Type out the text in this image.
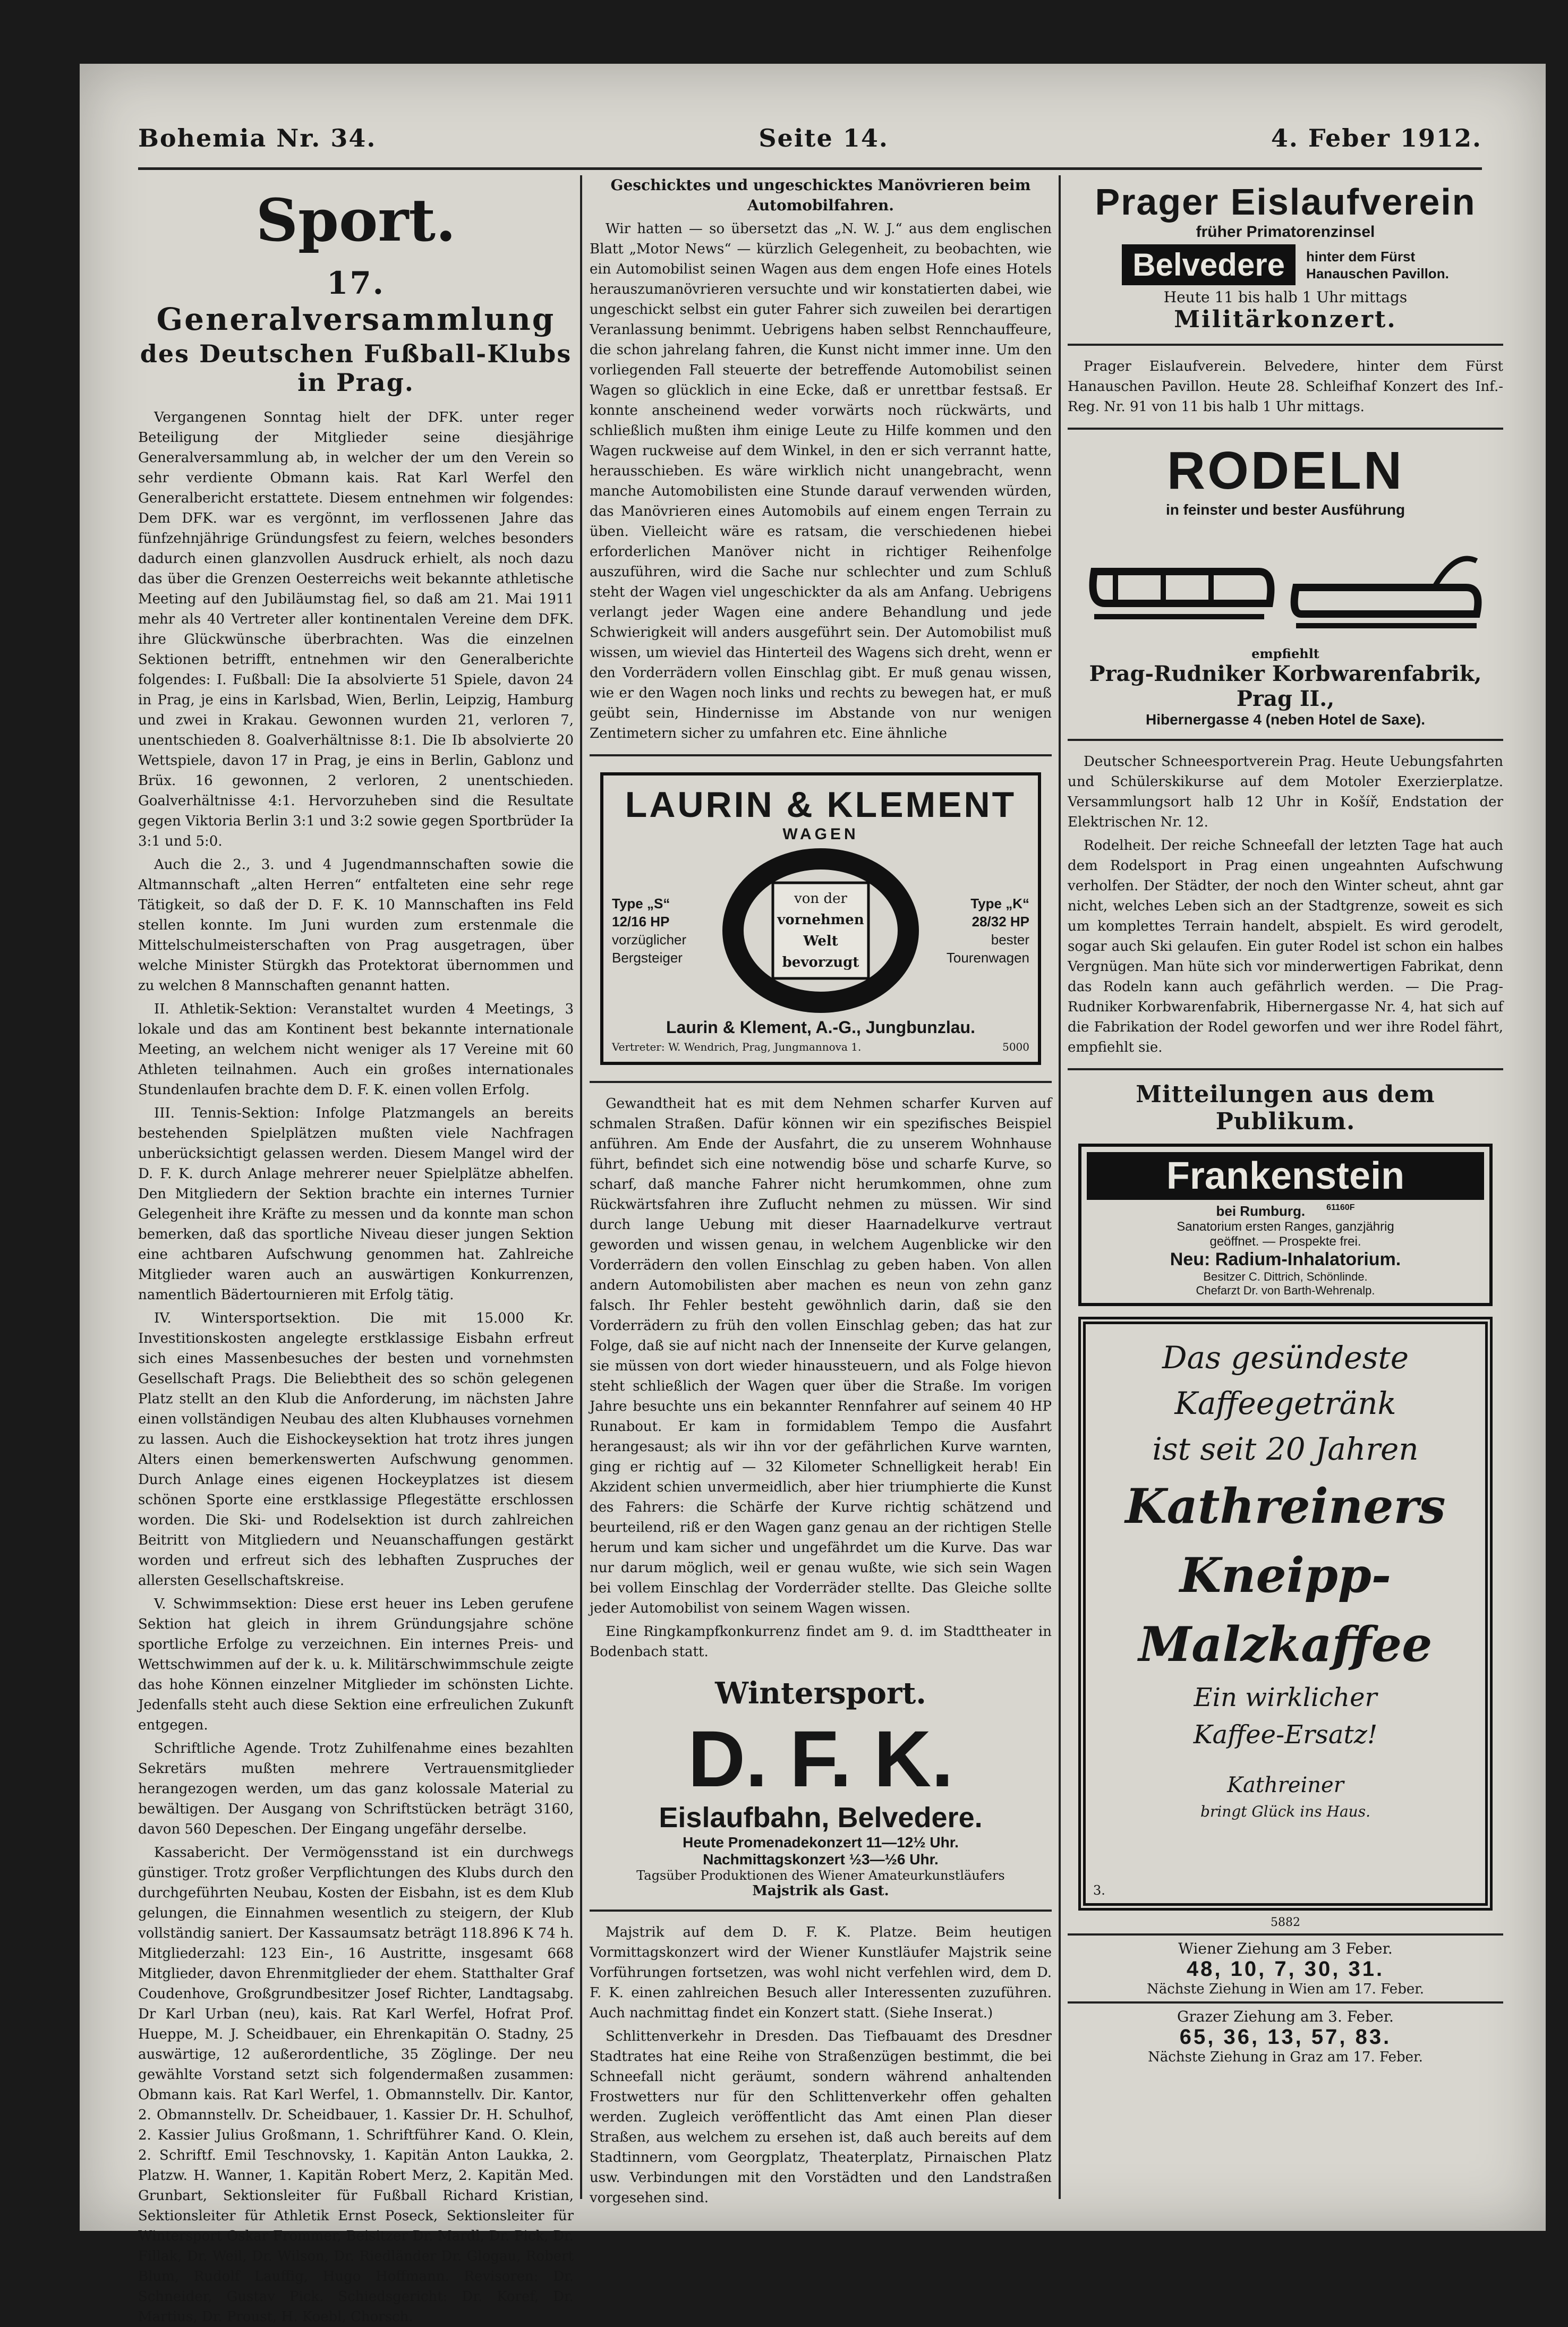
Bohemia Nr. 34.	Seite 14.	4. Feber 1912.
Sport.
17. Generalversammlung
des Deutschen Fußball-Klubs in Prag.

Vergangenen Sonntag hielt der DFK. unter reger Beteiligung der Mitglieder seine diesjährige Generalversammlung ab, in welcher der um den Verein so sehr verdiente Obmann kais. Rat Karl Werfel den Generalbericht erstattete. Diesem entnehmen wir folgendes: Dem DFK. war es vergönnt, im verflossenen Jahre das fünfzehnjährige Gründungsfest zu feiern, welches besonders dadurch einen glanzvollen Ausdruck erhielt, als noch dazu das über die Grenzen Oesterreichs weit bekannte athletische Meeting auf den Jubiläumstag fiel, so daß am 21. Mai 1911 mehr als 40 Vertreter aller kontinentalen Vereine dem DFK. ihre Glückwünsche überbrachten. Was die einzelnen Sektionen betrifft, entnehmen wir den Generalberichte folgendes: I. Fußball: Die Ia absolvierte 51 Spiele, davon 24 in Prag, je eins in Karlsbad, Wien, Berlin, Leipzig, Hamburg und zwei in Krakau. Gewonnen wurden 21, verloren 7, unentschieden 8. Goalverhältnisse 8:1. Die Ib absolvierte 20 Wettspiele, davon 17 in Prag, je eins in Berlin, Gablonz und Brüx. 16 gewonnen, 2 verloren, 2 unentschieden. Goalverhältnisse 4:1. Hervorzuheben sind die Resultate gegen Viktoria Berlin 3:1 und 3:2 sowie gegen Sportbrüder Ia 3:1 und 5:0.

Auch die 2., 3. und 4 Jugendmannschaften sowie die Altmannschaft „alten Herren“ entfalteten eine sehr rege Tätigkeit, so daß der D. F. K. 10 Mannschaften ins Feld stellen konnte. Im Juni wurden zum erstenmale die Mittelschulmeisterschaften von Prag ausgetragen, über welche Minister Stürgkh das Protektorat übernommen und zu welchen 8 Mannschaften genannt hatten.

II. Athletik-Sektion: Veranstaltet wurden 4 Meetings, 3 lokale und das am Kontinent best bekannte internationale Meeting, an welchem nicht weniger als 17 Vereine mit 60 Athleten teilnahmen. Auch ein großes internationales Stundenlaufen brachte dem D. F. K. einen vollen Erfolg.

III. Tennis-Sektion: Infolge Platzmangels an bereits bestehenden Spielplätzen mußten viele Nachfragen unberücksichtigt gelassen werden. Diesem Mangel wird der D. F. K. durch Anlage mehrerer neuer Spielplätze abhelfen. Den Mitgliedern der Sektion brachte ein internes Turnier Gelegenheit ihre Kräfte zu messen und da konnte man schon bemerken, daß das sportliche Niveau dieser jungen Sektion eine achtbaren Aufschwung genommen hat. Zahlreiche Mitglieder waren auch an auswärtigen Konkurrenzen, namentlich Bädertournieren mit Erfolg tätig.

IV. Wintersportsektion. Die mit 15.000 Kr. Investitionskosten angelegte erstklassige Eisbahn erfreut sich eines Massenbesuches der besten und vornehmsten Gesellschaft Prags. Die Beliebtheit des so schön gelegenen Platz stellt an den Klub die Anforderung, im nächsten Jahre einen vollständigen Neubau des alten Klubhauses vornehmen zu lassen. Auch die Eishockeysektion hat trotz ihres jungen Alters einen bemerkenswerten Aufschwung genommen. Durch Anlage eines eigenen Hockeyplatzes ist diesem schönen Sporte eine erstklassige Pflegestätte erschlossen worden. Die Ski- und Rodelsektion ist durch zahlreichen Beitritt von Mitgliedern und Neuanschaffungen gestärkt worden und erfreut sich des lebhaften Zuspruches der allersten Gesellschaftskreise.

V. Schwimmsektion: Diese erst heuer ins Leben gerufene Sektion hat gleich in ihrem Gründungsjahre schöne sportliche Erfolge zu verzeichnen. Ein internes Preis- und Wettschwimmen auf der k. u. k. Militärschwimmschule zeigte das hohe Können einzelner Mitglieder im schönsten Lichte. Jedenfalls steht auch diese Sektion eine erfreulichen Zukunft entgegen.

Schriftliche Agende. Trotz Zuhilfenahme eines bezahlten Sekretärs mußten mehrere Vertrauensmitglieder herangezogen werden, um das ganz kolossale Material zu bewältigen. Der Ausgang von Schriftstücken beträgt 3160, davon 560 Depeschen. Der Eingang ungefähr derselbe.

Kassabericht. Der Vermögensstand ist ein durchwegs günstiger. Trotz großer Verpflichtungen des Klubs durch den durchgeführten Neubau, Kosten der Eisbahn, ist es dem Klub gelungen, die Einnahmen wesentlich zu steigern, der Klub vollständig saniert. Der Kassaumsatz beträgt 118.896 K 74 h. Mitgliederzahl: 123 Ein-, 16 Austritte, insgesamt 668 Mitglieder, davon Ehrenmitglieder der ehem. Statthalter Graf Coudenhove, Großgrundbesitzer Josef Richter, Landtagsabg. Dr Karl Urban (neu), kais. Rat Karl Werfel, Hofrat Prof. Hueppe, M. J. Scheidbauer, ein Ehrenkapitän O. Stadny, 25 auswärtige, 12 außerordentliche, 35 Zöglinge. Der neu gewählte Vorstand setzt sich folgendermaßen zusammen: Obmann kais. Rat Karl Werfel, 1. Obmannstellv. Dir. Kantor, 2. Obmannstellv. Dr. Scheidbauer, 1. Kassier Dr. H. Schulhof, 2. Kassier Julius Großmann, 1. Schriftführer Kand. O. Klein, 2. Schriftf. Emil Teschnovsky, 1. Kapitän Anton Laukka, 2. Platzw. H. Wanner, 1. Kapitän Robert Merz, 2. Kapitän Med. Grunbart, Sektionsleiter für Fußball Richard Kristian, Sektionsleiter für Athletik Ernst Poseck, Sektionsleiter für Wintersport Oskar Frommer, Beisitzer Dr. Mardl, Dr. Pick, Dr. Fillak, Dr. Weil, Dr. Wilson, Dr. Riedländer Dr. Glogau, Robert Blum, Rudolf Lauffig, Hugo Hoffmann. Revisoren: Dr. Schneider, Gustav Pick. Schiedsgericht: Dr. Koref, Dr. Martius, Dr. Proust, H. Koebl, Chorsch.

Geschicktes und ungeschicktes Manövrieren beim Automobilfahren.

Wir hatten — so übersetzt das „N. W. J.“ aus dem englischen Blatt „Motor News“ — kürzlich Gelegenheit, zu beobachten, wie ein Automobilist seinen Wagen aus dem engen Hofe eines Hotels herauszumanövrieren versuchte und wir konstatierten dabei, wie ungeschickt selbst ein guter Fahrer sich zuweilen bei derartigen Veranlassung benimmt. Uebrigens haben selbst Rennchauffeure, die schon jahrelang fahren, die Kunst nicht immer inne. Um den vorliegenden Fall steuerte der betreffende Automobilist seinen Wagen so glücklich in eine Ecke, daß er unrettbar festsaß. Er konnte anscheinend weder vorwärts noch rückwärts, und schließlich mußten ihm einige Leute zu Hilfe kommen und den Wagen ruckweise auf dem Winkel, in den er sich verrannt hatte, herausschieben. Es wäre wirklich nicht unangebracht, wenn manche Automobilisten eine Stunde darauf verwenden würden, das Manövrieren eines Automobils auf einem engen Terrain zu üben. Vielleicht wäre es ratsam, die verschiedenen hiebei erforderlichen Manöver nicht in richtiger Reihenfolge auszuführen, wird die Sache nur schlechter und zum Schluß steht der Wagen viel ungeschickter da als am Anfang. Uebrigens verlangt jeder Wagen eine andere Behandlung und jede Schwierigkeit will anders ausgeführt sein. Der Automobilist muß wissen, um wieviel das Hinterteil des Wagens sich dreht, wenn er den Vorderrädern vollen Einschlag gibt. Er muß genau wissen, wie er den Wagen noch links und rechts zu bewegen hat, er muß geübt sein, Hindernisse im Abstande von nur wenigen Zentimetern sicher zu umfahren etc. Eine ähnliche

LAURIN & KLEMENT
WAGEN
Type „S“
12/16 HP
vorzüglicher
Bergsteiger
von der
vornehmen
Welt
bevorzugt
Type „K“
28/32 HP
bester
Tourenwagen
Laurin & Klement, A.-G., Jungbunzlau.
Vertreter: W. Wendrich, Prag, Jungmannova 1.	5000

Gewandtheit hat es mit dem Nehmen scharfer Kurven auf schmalen Straßen. Dafür können wir ein spezifisches Beispiel anführen. Am Ende der Ausfahrt, die zu unserem Wohnhause führt, befindet sich eine notwendig böse und scharfe Kurve, so scharf, daß manche Fahrer nicht herumkommen, ohne zum Rückwärtsfahren ihre Zuflucht nehmen zu müssen. Wir sind durch lange Uebung mit dieser Haarnadelkurve vertraut geworden und wissen genau, in welchem Augenblicke wir den Vorderrädern den vollen Einschlag zu geben haben. Von allen andern Automobilisten aber machen es neun von zehn ganz falsch. Ihr Fehler besteht gewöhnlich darin, daß sie den Vorderrädern zu früh den vollen Einschlag geben; das hat zur Folge, daß sie auf nicht nach der Innenseite der Kurve gelangen, sie müssen von dort wieder hinaussteuern, und als Folge hievon steht schließlich der Wagen quer über die Straße. Im vorigen Jahre besuchte uns ein bekannter Rennfahrer auf seinem 40 HP Runabout. Er kam in formidablem Tempo die Ausfahrt herangesaust; als wir ihn vor der gefährlichen Kurve warnten, ging er richtig auf — 32 Kilometer Schnelligkeit herab! Ein Akzident schien unvermeidlich, aber hier triumphierte die Kunst des Fahrers: die Schärfe der Kurve richtig schätzend und beurteilend, riß er den Wagen ganz genau an der richtigen Stelle herum und kam sicher und ungefährdet um die Kurve. Das war nur darum möglich, weil er genau wußte, wie sich sein Wagen bei vollem Einschlag der Vorderräder stellte. Das Gleiche sollte jeder Automobilist von seinem Wagen wissen.

Eine Ringkampfkonkurrenz findet am 9. d. im Stadttheater in Bodenbach statt.

Wintersport.
D. F. K.
Eislaufbahn, Belvedere.
Heute Promenadekonzert 11—12½ Uhr.
Nachmittagskonzert ½3—½6 Uhr.
Tagsüber Produktionen des Wiener Amateurkunstläufers
Majstrik als Gast.

Majstrik auf dem D. F. K. Platze. Beim heutigen Vormittagskonzert wird der Wiener Kunstläufer Majstrik seine Vorführungen fortsetzen, was wohl nicht verfehlen wird, dem D. F. K. einen zahlreichen Besuch aller Interessenten zuzuführen. Auch nachmittag findet ein Konzert statt. (Siehe Inserat.)

Schlittenverkehr in Dresden. Das Tiefbauamt des Dresdner Stadtrates hat eine Reihe von Straßenzügen bestimmt, die bei Schneefall nicht geräumt, sondern während anhaltenden Frostwetters nur für den Schlittenverkehr offen gehalten werden. Zugleich veröffentlicht das Amt einen Plan dieser Straßen, aus welchem zu ersehen ist, daß auch bereits auf dem Stadtinnern, vom Georgplatz, Theaterplatz, Pirnaischen Platz usw. Verbindungen mit den Vorstädten und den Landstraßen vorgesehen sind.

Prager Eislaufverein
früher Primatorenzinsel
Belvedere	hinter dem Fürst
Hanauschen Pavillon.
Heute 11 bis halb 1 Uhr mittags
Militärkonzert.

Prager Eislaufverein. Belvedere, hinter dem Fürst Hanauschen Pavillon. Heute 28. Schleifhaf Konzert des Inf.-Reg. Nr. 91 von 11 bis halb 1 Uhr mittags.

RODELN
in feinster und bester Ausführung
empfiehlt
Prag-Rudniker Korbwarenfabrik, Prag II.,
Hibernergasse 4 (neben Hotel de Saxe).

Deutscher Schneesportverein Prag. Heute Uebungsfahrten und Schülerskikurse auf dem Motoler Exerzierplatze. Versammlungsort halb 12 Uhr in Košíř, Endstation der Elektrischen Nr. 12.

Rodelheit. Der reiche Schneefall der letzten Tage hat auch dem Rodelsport in Prag einen ungeahnten Aufschwung verholfen. Der Städter, der noch den Winter scheut, ahnt gar nicht, welches Leben sich an der Stadtgrenze, soweit es sich um komplettes Terrain handelt, abspielt. Es wird gerodelt, sogar auch Ski gelaufen. Ein guter Rodel ist schon ein halbes Vergnügen. Man hüte sich vor minderwertigen Fabrikat, denn das Rodeln kann auch gefährlich werden. — Die Prag-Rudniker Korbwarenfabrik, Hibernergasse Nr. 4, hat sich auf die Fabrikation der Rodel geworfen und wer ihre Rodel fährt, empfiehlt sie.

Mitteilungen aus dem Publikum.
Frankenstein
bei Rumburg.	61160F
Sanatorium ersten Ranges, ganzjährig
geöffnet. — Prospekte frei.
Neu: Radium-Inhalatorium.
Besitzer C. Dittrich, Schönlinde.
Chefarzt Dr. von Barth-Wehrenalp.
Das gesündeste
Kaffeegetränk
ist seit 20 Jahren
Kathreiners
Kneipp-
Malzkaffee
Ein wirklicher
Kaffee-Ersatz!
Kathreiner
bringt Glück ins Haus.
3.
5882
Wiener Ziehung am 3 Feber.
48, 10, 7, 30, 31.
Nächste Ziehung in Wien am 17. Feber.
Grazer Ziehung am 3. Feber.
65, 36, 13, 57, 83.
Nächste Ziehung in Graz am 17. Feber.
